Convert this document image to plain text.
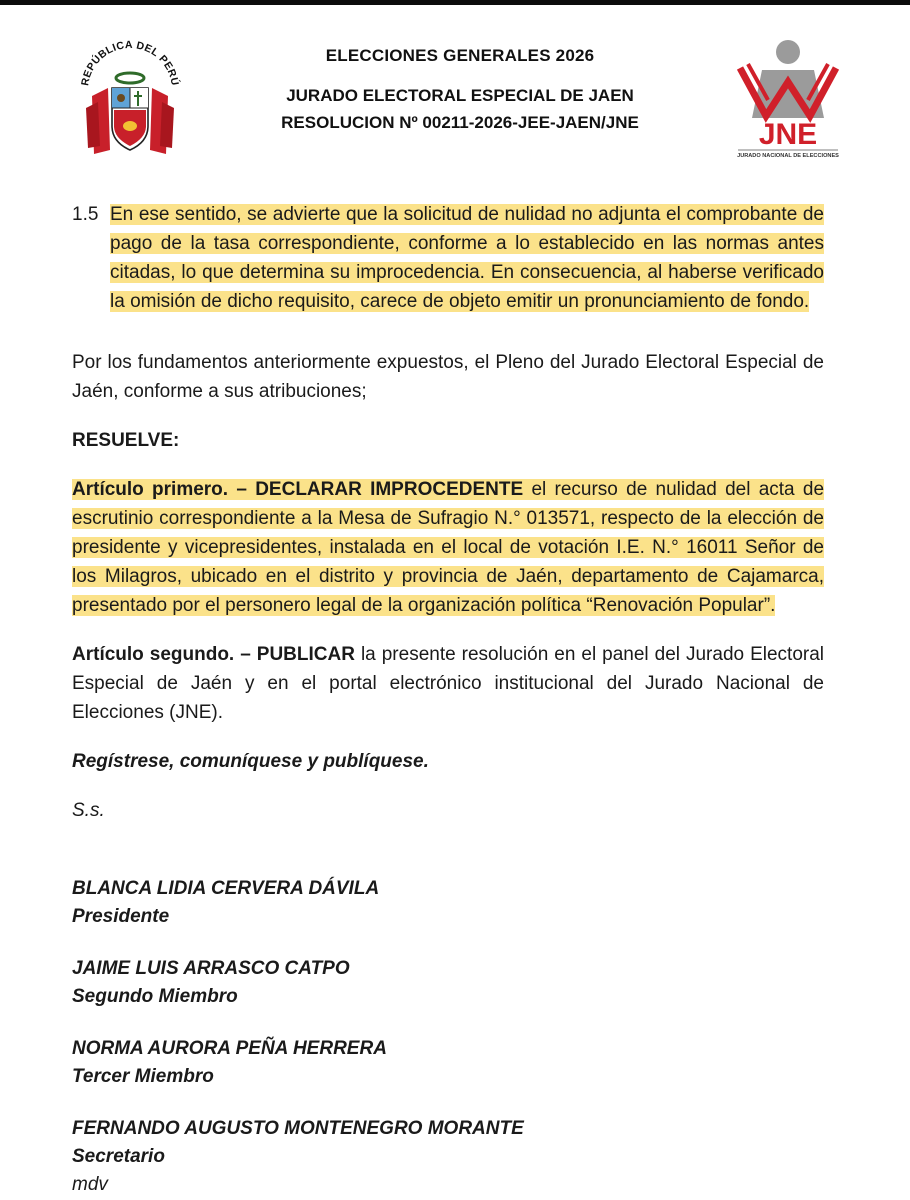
REPÚBLICA DEL PERÚ
ELECCIONES GENERALES 2026
JURADO ELECTORAL ESPECIAL DE JAEN
RESOLUCION Nº 00211-2026-JEE-JAEN/JNE	JNE
JURADO NACIONAL DE ELECCIONES
1.5 En ese sentido, se advierte que la solicitud de nulidad no adjunta el comprobante de pago de la tasa correspondiente, conforme a lo establecido en las normas antes citadas, lo que determina su improcedencia. En consecuencia, al haberse verificado la omisión de dicho requisito, carece de objeto emitir un pronunciamiento de fondo.
Por los fundamentos anteriormente expuestos, el Pleno del Jurado Electoral Especial de Jaén, conforme a sus atribuciones;
RESUELVE:
Artículo primero. – DECLARAR IMPROCEDENTE el recurso de nulidad del acta de escrutinio correspondiente a la Mesa de Sufragio N.° 013571, respecto de la elección de presidente y vicepresidentes, instalada en el local de votación I.E. N.° 16011 Señor de los Milagros, ubicado en el distrito y provincia de Jaén, departamento de Cajamarca, presentado por el personero legal de la organización política “Renovación Popular”.
Artículo segundo. – PUBLICAR la presente resolución en el panel del Jurado Electoral Especial de Jaén y en el portal electrónico institucional del Jurado Nacional de Elecciones (JNE).
Regístrese, comuníquese y publíquese.
S.s.
BLANCA LIDIA CERVERA DÁVILA
Presidente
JAIME LUIS ARRASCO CATPO
Segundo Miembro
NORMA AURORA PEÑA HERRERA
Tercer Miembro
FERNANDO AUGUSTO MONTENEGRO MORANTE
Secretario
mdv
